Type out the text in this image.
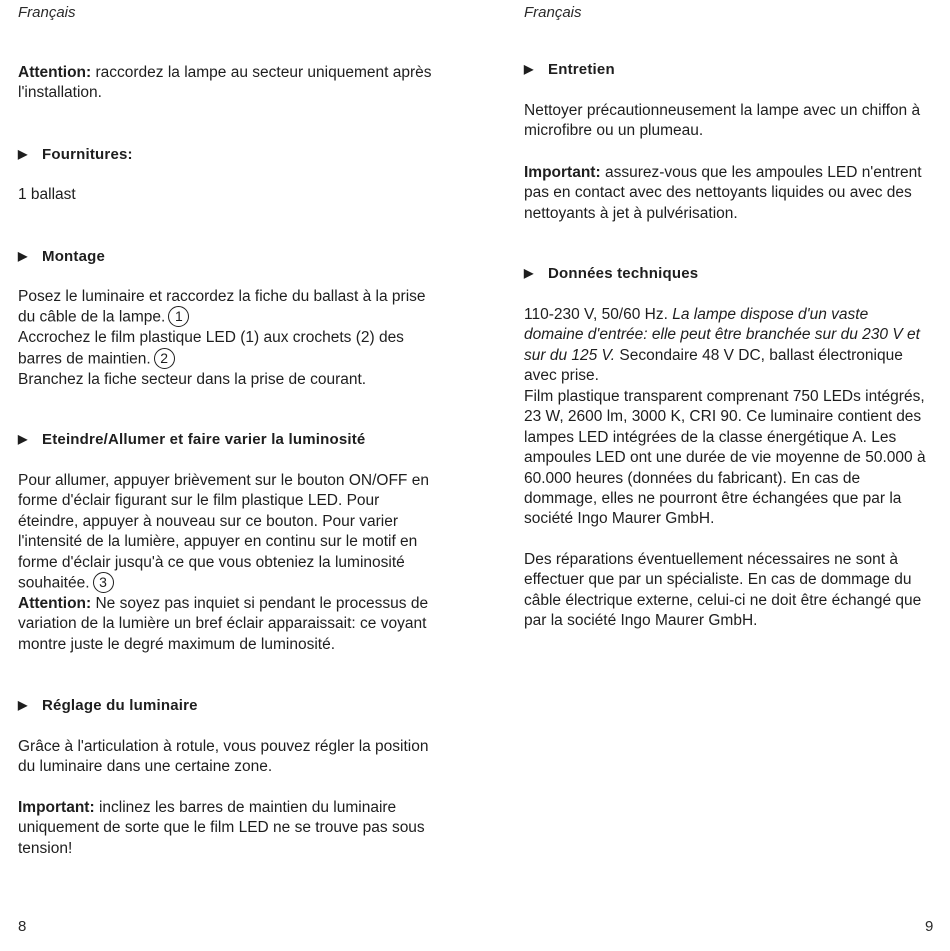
Français	Français

Attention: raccordez la lampe au secteur uniquement après l'installation.

▶ Fournitures:

1 ballast

▶ Montage
Posez le luminaire et raccordez la fiche du ballast à la prise du câble de la lampe. 1
Accrochez le film plastique LED (1) aux crochets (2) des barres de maintien. 2
Branchez la fiche secteur dans la prise de courant.
▶ Eteindre/Allumer et faire varier la luminosité

Pour allumer, appuyer brièvement sur le bouton ON/OFF en forme d'éclair figurant sur le film plastique LED. Pour éteindre, appuyer à nouveau sur ce bouton. Pour varier l'intensité de la lumière, appuyer en continu sur le motif en forme d'éclair jusqu'à ce que vous obteniez la luminosité souhaitée. 3

Attention: Ne soyez pas inquiet si pendant le processus de variation de la lumière un bref éclair apparaissait: ce voyant montre juste le degré maximum de luminosité.

▶ Réglage du luminaire

Grâce à l'articulation à rotule, vous pouvez régler la position du luminaire dans une certaine zone.

Important: inclinez les barres de maintien du luminaire uniquement de sorte que le film LED ne se trouve pas sous tension!

▶ Entretien

Nettoyer précautionneusement la lampe avec un chiffon à microfibre ou un plumeau.

Important: assurez-vous que les ampoules LED n'entrent pas en contact avec des nettoyants liquides ou avec des nettoyants à jet à pulvérisation.

▶ Données techniques

110-230 V, 50/60 Hz. La lampe dispose d'un vaste domaine d'entrée: elle peut être branchée sur du 230 V et sur du 125 V. Secondaire 48 V DC, ballast électronique avec prise.

Film plastique transparent comprenant 750 LEDs intégrés, 23 W, 2600 lm, 3000 K, CRI 90. Ce luminaire contient des lampes LED intégrées de la classe énergétique A. Les ampoules LED ont une durée de vie moyenne de 50.000 à 60.000 heures (données du fabricant). En cas de dommage, elles ne pourront être échangées que par la société Ingo Maurer GmbH.

Des réparations éventuellement nécessaires ne sont à effectuer que par un spécialiste. En cas de dommage du câble électrique externe, celui-ci ne doit être échangé que par la société Ingo Maurer GmbH.

8	9
